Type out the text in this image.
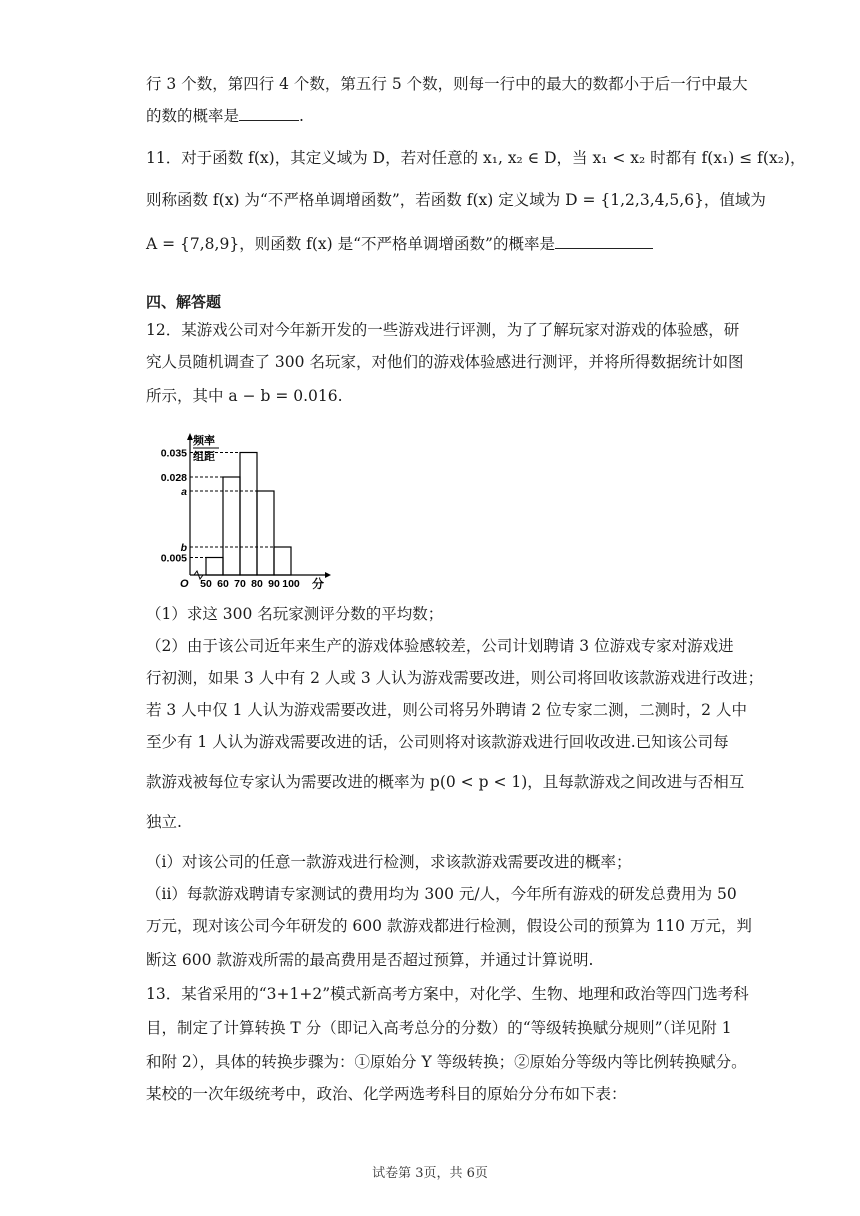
行 3 个数，第四行 4 个数，第五行 5 个数，则每一行中的最大的数都小于后一行中最大
的数的概率是	.
11．对于函数 f(x)，其定义域为 D，若对任意的 x₁, x₂ ∈ D，当 x₁ < x₂ 时都有 f(x₁) ≤ f(x₂)，
则称函数 f(x) 为“不严格单调增函数”，若函数 f(x) 定义域为 D = {1,2,3,4,5,6}，值域为
A = {7,8,9}，则函数 f(x) 是“不严格单调增函数”的概率是
四、解答题
12．某游戏公司对今年新开发的一些游戏进行评测，为了了解玩家对游戏的体验感，研
究人员随机调查了 300 名玩家，对他们的游戏体验感进行测评，并将所得数据统计如图
所示，其中 a − b = 0.016.
0.035
0.028
a
b
0.005
频率
组距
O 50 60 70 80 90 100 分
（1）求这 300 名玩家测评分数的平均数；
（2）由于该公司近年来生产的游戏体验感较差，公司计划聘请 3 位游戏专家对游戏进
行初测，如果 3 人中有 2 人或 3 人认为游戏需要改进，则公司将回收该款游戏进行改进；
若 3 人中仅 1 人认为游戏需要改进，则公司将另外聘请 2 位专家二测，二测时，2 人中
至少有 1 人认为游戏需要改进的话，公司则将对该款游戏进行回收改进.已知该公司每
款游戏被每位专家认为需要改进的概率为 p(0 < p < 1)，且每款游戏之间改进与否相互
独立.
（i）对该公司的任意一款游戏进行检测，求该款游戏需要改进的概率；
（ii）每款游戏聘请专家测试的费用均为 300 元/人，今年所有游戏的研发总费用为 50
万元，现对该公司今年研发的 600 款游戏都进行检测，假设公司的预算为 110 万元，判
断这 600 款游戏所需的最高费用是否超过预算，并通过计算说明.
13．某省采用的“3+1+2”模式新高考方案中，对化学、生物、地理和政治等四门选考科
目，制定了计算转换 T 分（即记入高考总分的分数）的“等级转换赋分规则”（详见附 1
和附 2），具体的转换步骤为：①原始分 Y 等级转换；②原始分等级内等比例转换赋分。
某校的一次年级统考中，政治、化学两选考科目的原始分分布如下表：
试卷第 3页，共 6页
